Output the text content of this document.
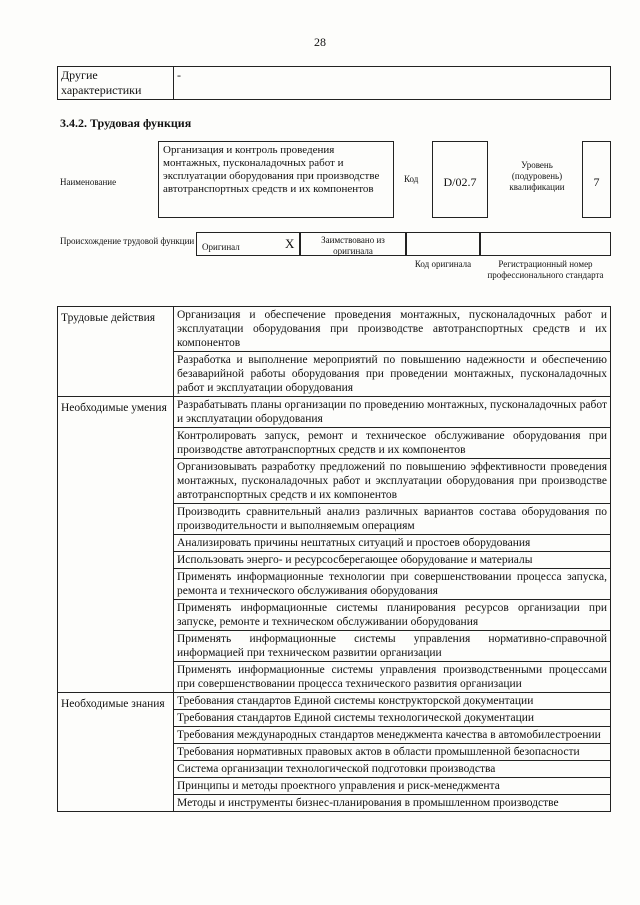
28
Другие характеристики	-
3.4.2. Трудовая функция
Наименование
Организация и контроль проведения монтажных, пусконаладочных работ и эксплуатации оборудования при производстве автотранспортных средств и их компонентов
Код	D/02.7
Уровень (подуровень) квалификации	7
Происхождение трудовой функции
Оригинал	X	Заимствовано из оригинала
Код оригинала	Регистрационный номер профессионального стандарта
Трудовые действия	Организация и обеспечение проведения монтажных, пусконаладочных работ и эксплуатации оборудования при производстве автотранспортных средств и их компонентов
	Разработка и выполнение мероприятий по повышению надежности и обеспечению безаварийной работы оборудования при проведении монтажных, пусконаладочных работ и эксплуатации оборудования
Необходимые умения	Разрабатывать планы организации по проведению монтажных, пусконаладочных работ и эксплуатации оборудования
	Контролировать запуск, ремонт и техническое обслуживание оборудования при производстве автотранспортных средств и их компонентов
	Организовывать разработку предложений по повышению эффективности проведения монтажных, пусконаладочных работ и эксплуатации оборудования при производстве автотранспортных средств и их компонентов
	Производить сравнительный анализ различных вариантов состава оборудования по производительности и выполняемым операциям
	Анализировать причины нештатных ситуаций и простоев оборудования
	Использовать энерго- и ресурсосберегающее оборудование и материалы
	Применять информационные технологии при совершенствовании процесса запуска, ремонта и технического обслуживания оборудования
	Применять информационные системы планирования ресурсов организации при запуске, ремонте и техническом обслуживании оборудования
	Применять информационные системы управления нормативно-справочной информацией при техническом развитии организации
	Применять информационные системы управления производственными процессами при совершенствовании процесса технического развития организации
Необходимые знания	Требования стандартов Единой системы конструкторской документации
	Требования стандартов Единой системы технологической документации
	Требования международных стандартов менеджмента качества в автомобилестроении
	Требования нормативных правовых актов в области промышленной безопасности
	Система организации технологической подготовки производства
	Принципы и методы проектного управления и риск-менеджмента
	Методы и инструменты бизнес-планирования в промышленном производстве
